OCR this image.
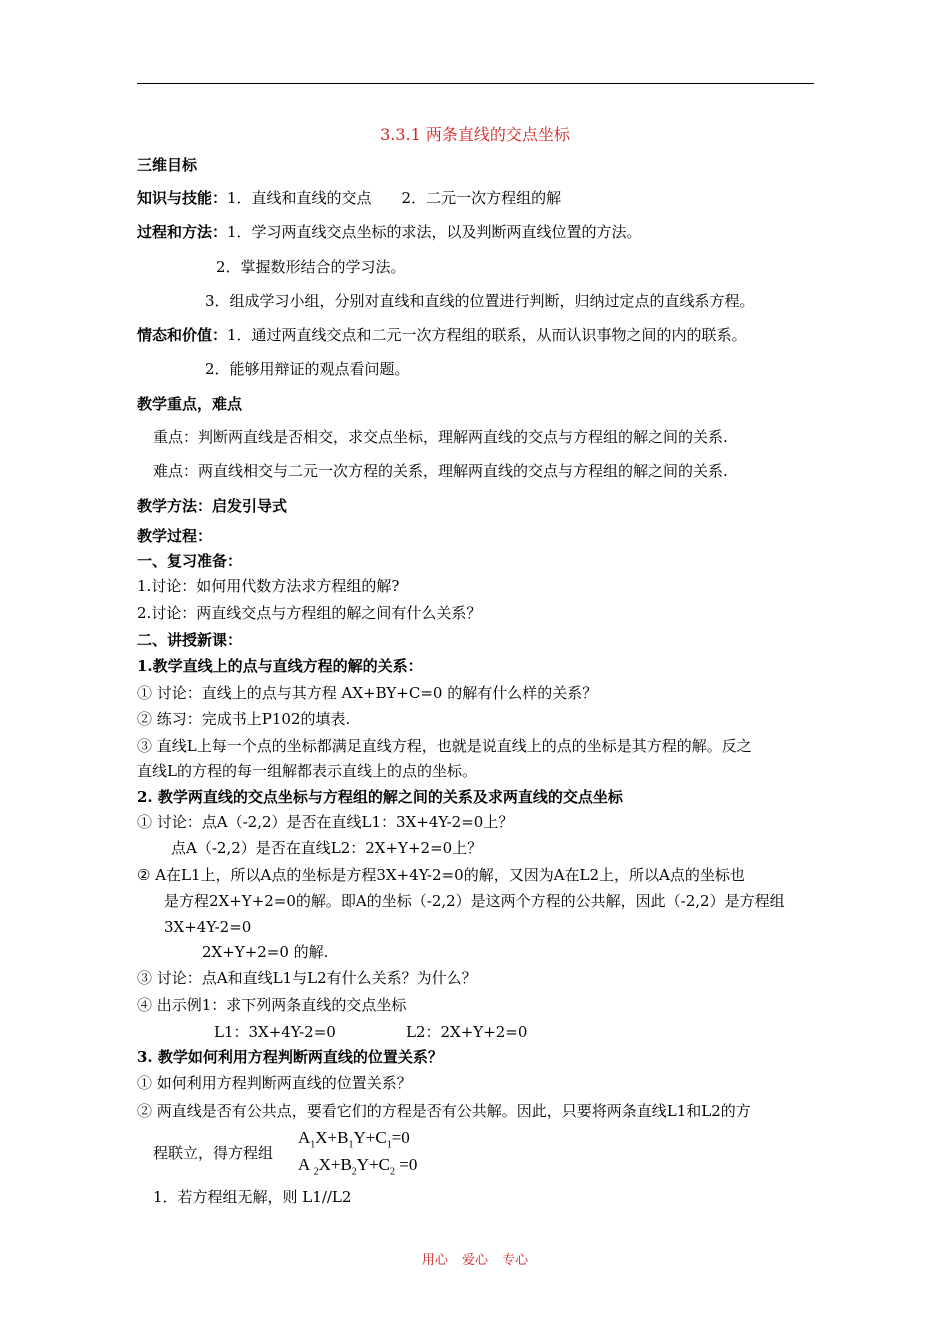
3.3.1 两条直线的交点坐标
三维目标
知识与技能：1．直线和直线的交点　　2．二元一次方程组的解
过程和方法：1．学习两直线交点坐标的求法，以及判断两直线位置的方法。
2．掌握数形结合的学习法。
3．组成学习小组，分别对直线和直线的位置进行判断，归纳过定点的直线系方程。
情态和价值：1．通过两直线交点和二元一次方程组的联系，从而认识事物之间的内的联系。
2．能够用辩证的观点看问题。
教学重点，难点
重点：判断两直线是否相交，求交点坐标，理解两直线的交点与方程组的解之间的关系.
难点：两直线相交与二元一次方程的关系，理解两直线的交点与方程组的解之间的关系.
教学方法：启发引导式
教学过程：
一、复习准备：
1.讨论：如何用代数方法求方程组的解?
2.讨论：两直线交点与方程组的解之间有什么关系？
二、讲授新课：
1.教学直线上的点与直线方程的解的关系：
① 讨论：直线上的点与其方程 AX+BY+C=0 的解有什么样的关系？
② 练习：完成书上P102的填表.
③ 直线L上每一个点的坐标都满足直线方程，也就是说直线上的点的坐标是其方程的解。反之
直线L的方程的每一组解都表示直线上的点的坐标。
2. 教学两直线的交点坐标与方程组的解之间的关系及求两直线的交点坐标
① 讨论：点A（-2,2）是否在直线L1：3X+4Y-2=0上？
点A（-2,2）是否在直线L2：2X+Y+2=0上？
② A在L1上，所以A点的坐标是方程3X+4Y-2=0的解，又因为A在L2上，所以A点的坐标也
是方程2X+Y+2=0的解。即A的坐标（-2,2）是这两个方程的公共解，因此（-2,2）是方程组
3X+4Y-2=0
2X+Y+2=0 的解.
③ 讨论：点A和直线L1与L2有什么关系？为什么？
④ 出示例1：求下列两条直线的交点坐标
L1：3X+4Y-2=0	L2：2X+Y+2=0
3. 教学如何利用方程判断两直线的位置关系？
① 如何利用方程判断两直线的位置关系？
② 两直线是否有公共点，要看它们的方程是否有公共解。因此，只要将两条直线L1和L2的方
程联立，得方程组
$A_1X+B_1Y+C_1=0$
A $_2X+B_2Y+C_2 =0$
1．若方程组无解，则 L1//L2
用心 爱心 专心
